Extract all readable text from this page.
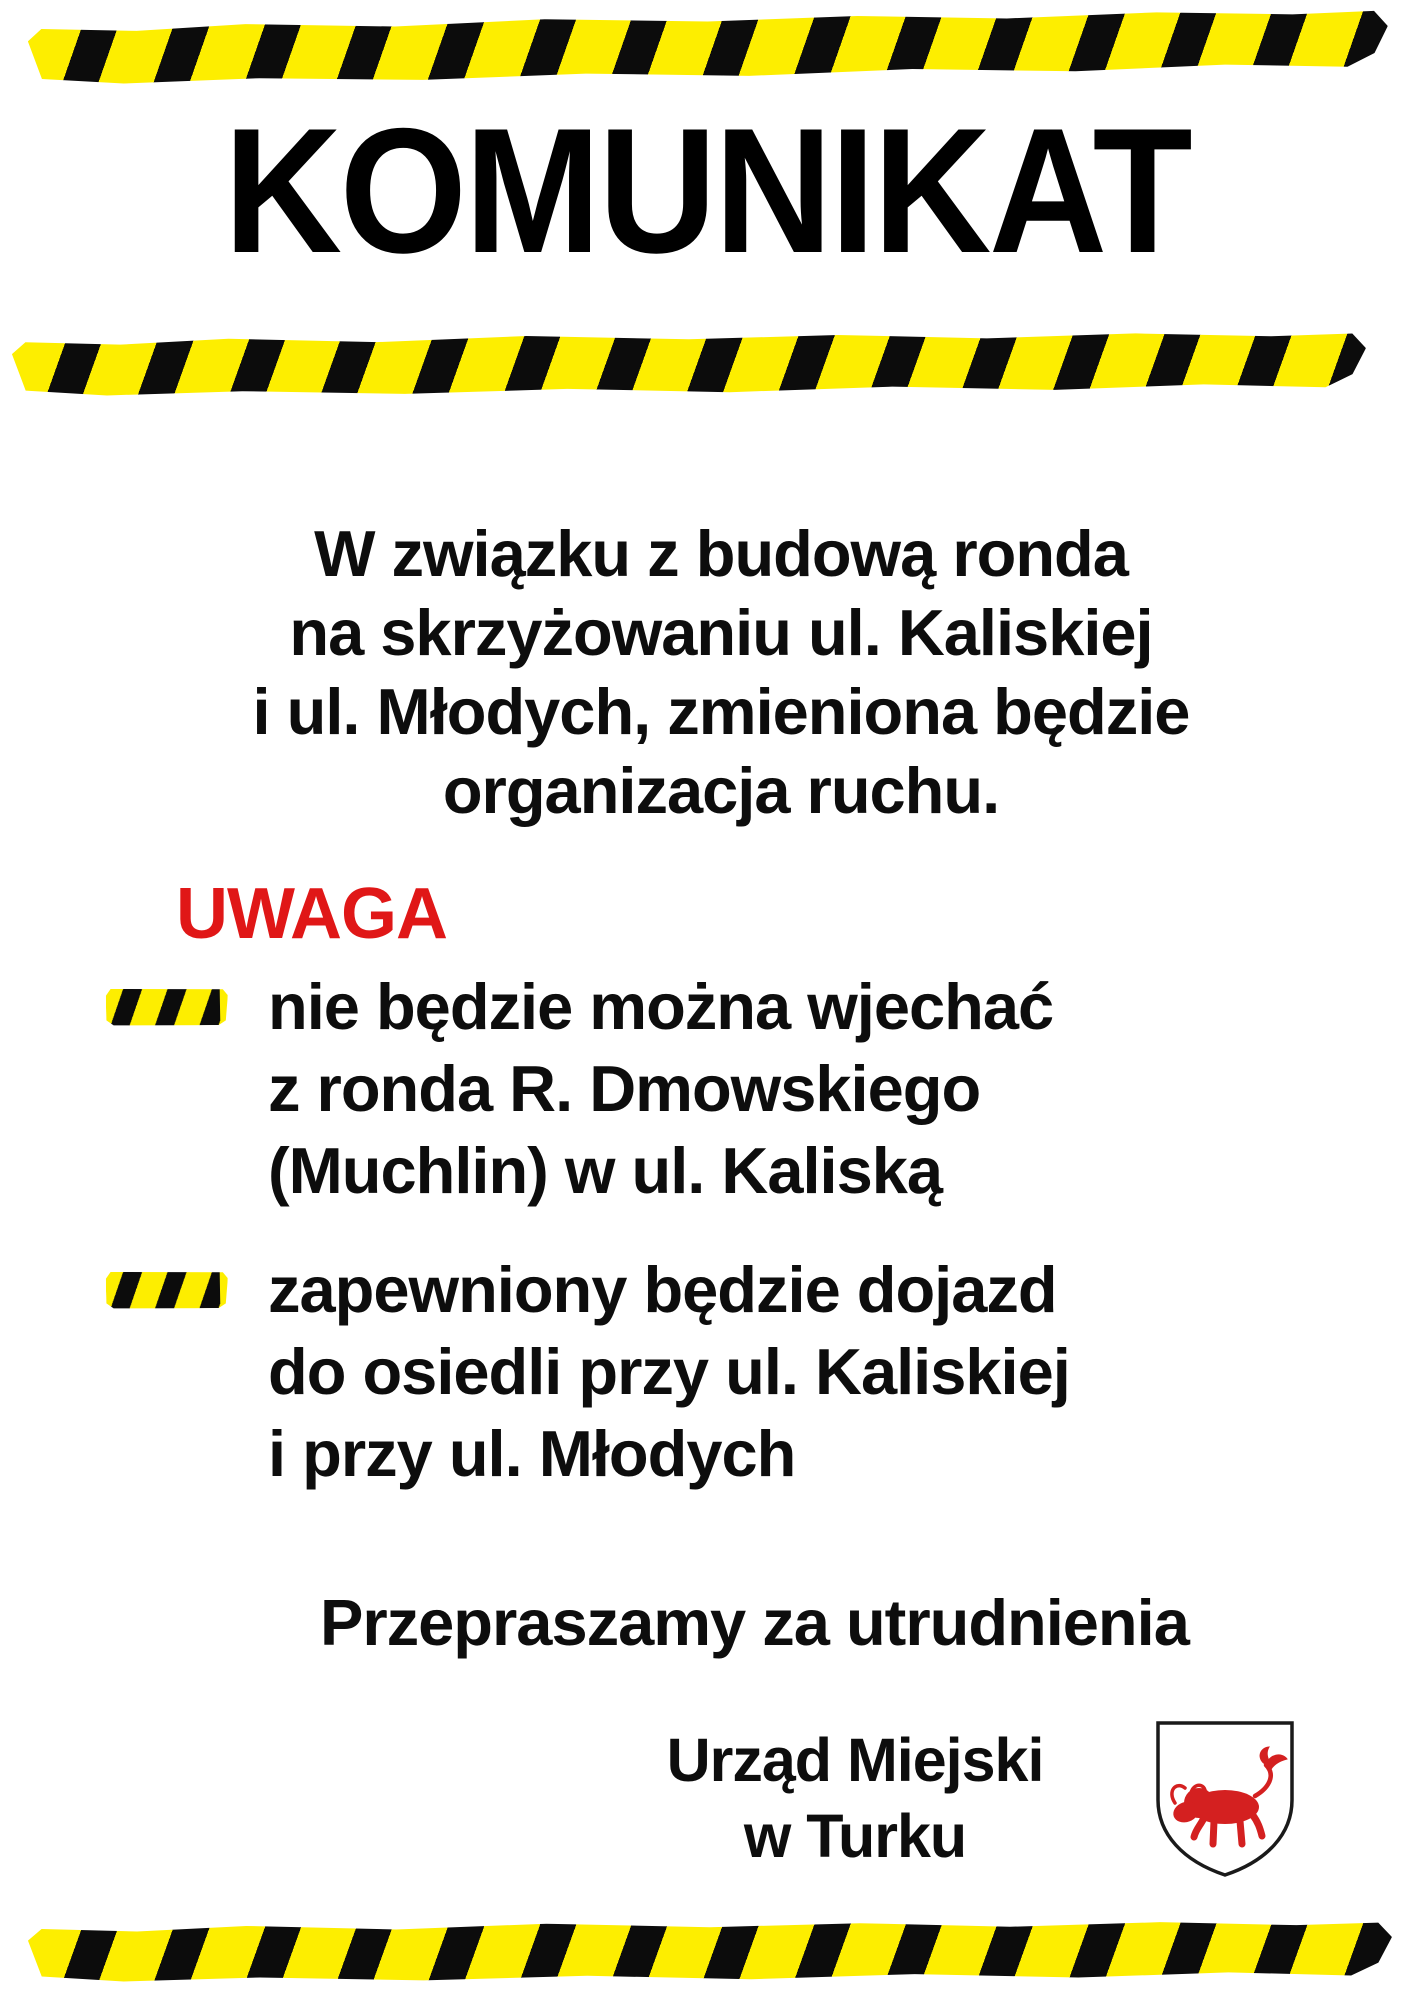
KOMUNIKAT
W związku z budową ronda
na skrzyżowaniu ul. Kaliskiej
i ul. Młodych, zmieniona będzie
organizacja ruchu.
UWAGA
nie będzie można wjechać
z ronda R. Dmowskiego
(Muchlin) w ul. Kaliską
zapewniony będzie dojazd
do osiedli przy ul. Kaliskiej
i przy ul. Młodych
Przepraszamy za utrudnienia
Urząd Miejski
w Turku
